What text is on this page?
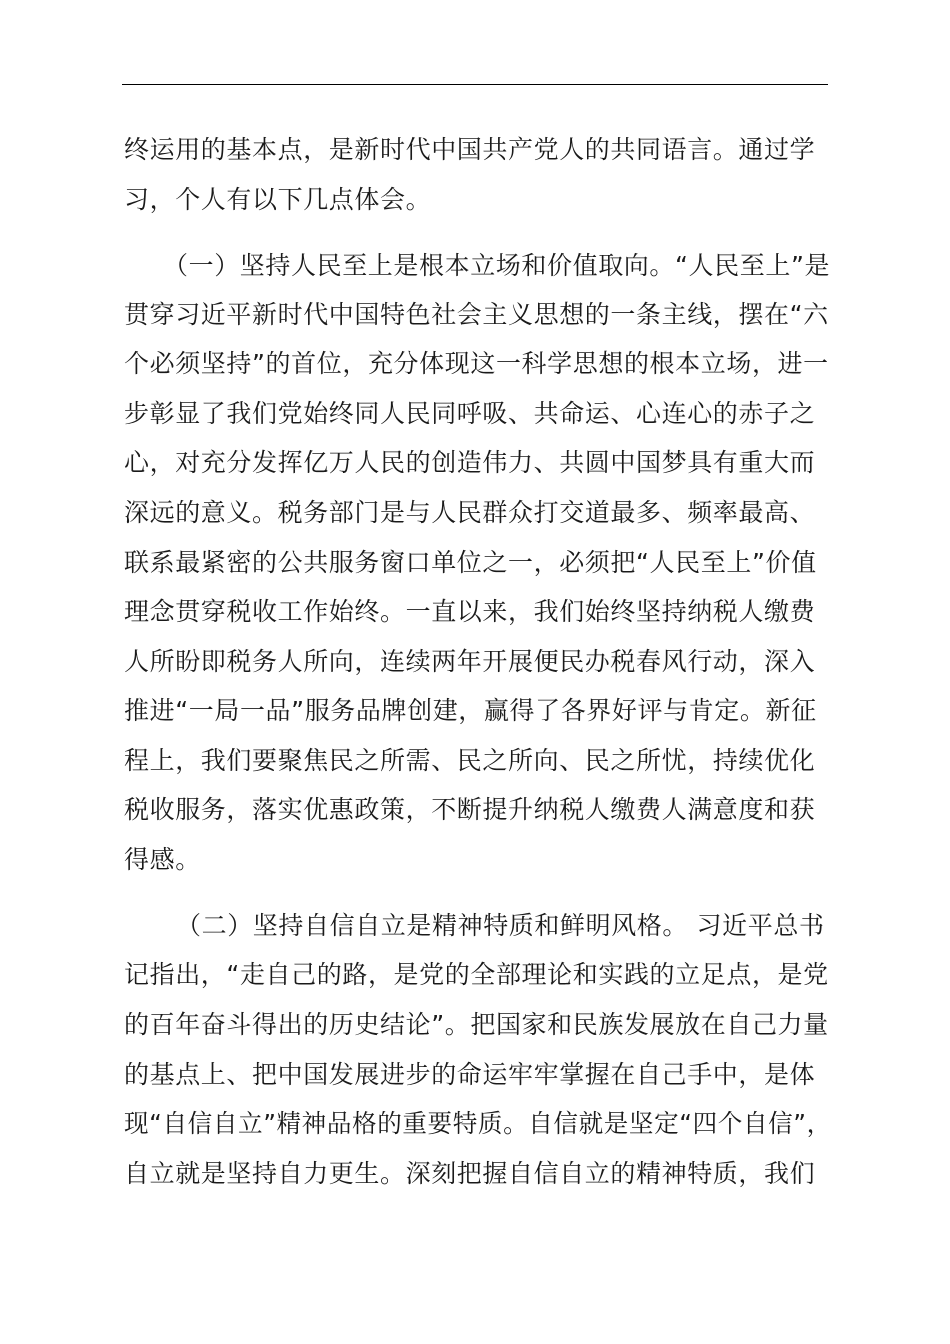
终运用的基本点，是新时代中国共产党人的共同语言。通过学
习，个人有以下几点体会。
（一）坚持人民至上是根本立场和价值取向。“人民至上”是
贯穿习近平新时代中国特色社会主义思想的一条主线，摆在“六
个必须坚持”的首位，充分体现这一科学思想的根本立场，进一
步彰显了我们党始终同人民同呼吸、共命运、心连心的赤子之
心，对充分发挥亿万人民的创造伟力、共圆中国梦具有重大而
深远的意义。税务部门是与人民群众打交道最多、频率最高、
联系最紧密的公共服务窗口单位之一，必须把“人民至上”价值
理念贯穿税收工作始终。一直以来，我们始终坚持纳税人缴费
人所盼即税务人所向，连续两年开展便民办税春风行动，深入
推进“一局一品”服务品牌创建，赢得了各界好评与肯定。新征
程上，我们要聚焦民之所需、民之所向、民之所忧，持续优化
税收服务，落实优惠政策，不断提升纳税人缴费人满意度和获
得感。
（二）坚持自信自立是精神特质和鲜明风格。 习近平总书
记指出，“走自己的路，是党的全部理论和实践的立足点，是党
的百年奋斗得出的历史结论”。把国家和民族发展放在自己力量
的基点上、把中国发展进步的命运牢牢掌握在自己手中，是体
现“自信自立”精神品格的重要特质。自信就是坚定“四个自信”，
自立就是坚持自力更生。深刻把握自信自立的精神特质，我们
